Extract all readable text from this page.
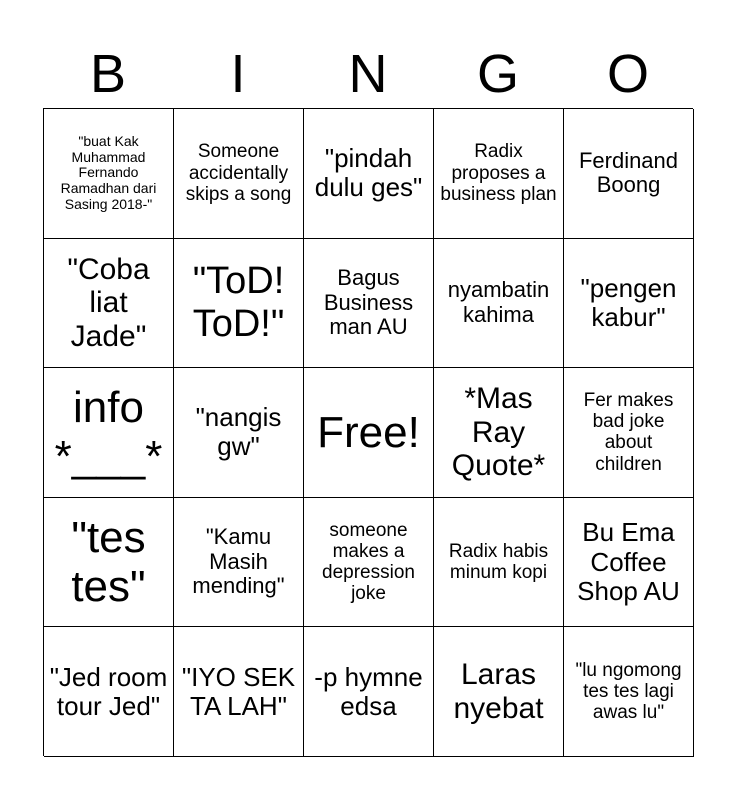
B	I	N	G	O
"buat Kak Muhammad Fernando Ramadhan dari Sasing 2018-"
Someone accidentally skips a song
"pindah dulu ges"
Radix proposes a business plan
Ferdinand Boong
"Coba liat Jade"
"ToD! ToD!"
Bagus Business man AU
nyambatin kahima
"pengen kabur"
info *___*
"nangis gw"	Free!
*Mas Ray Quote*
Fer makes bad joke about children
"tes tes"
"Kamu Masih mending"
someone makes a depression joke
Radix habis minum kopi
Bu Ema Coffee Shop AU
"Jed room tour Jed"
"IYO SEK TA LAH"
-p hymne edsa
Laras nyebat
"lu ngomong tes tes lagi awas lu"
